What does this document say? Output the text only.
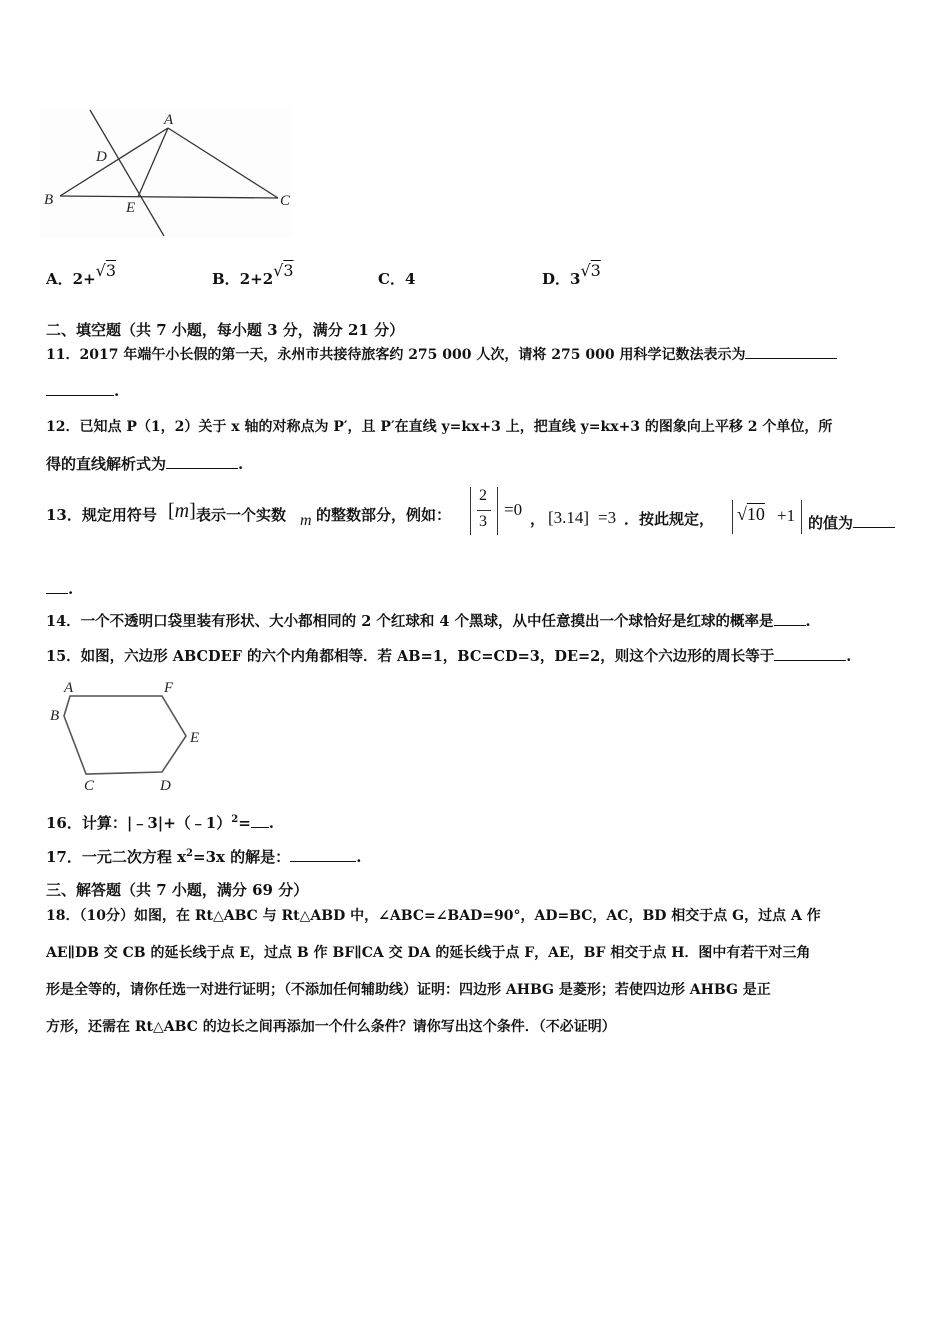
A
B	C
D
E
A．2+√3	B．2+2√3	C．4	D．3√3
二、填空题（共 7 小题，每小题 3 分，满分 21 分）
11．2017 年端午小长假的第一天，永州市共接待旅客约 275 000 人次，请将 275 000 用科学记数法表示为
.
12．已知点 P（1，2）关于 x 轴的对称点为 P′，且 P′在直线 y=kx+3 上，把直线 y=kx+3 的图象向上平移 2 个单位，所
得的直线解析式为	.
13．规定用符号 [m] 表示一个实数 m 的整数部分，例如：
2
3
=0 ， [3.14] =3 ．按此规定， √10 +1 的值为
.
14．一个不透明口袋里装有形状、大小都相同的 2 个红球和 4 个黑球，从中任意摸出一个球恰好是红球的概率是 .
15．如图，六边形 ABCDEF 的六个内角都相等．若 AB=1，BC=CD=3，DE=2，则这个六边形的周长等于	.
A
B
C	D
E
F
16．计算：|﹣3|+（﹣1）$^2$= .
17．一元二次方程 $x^2=3x$ 的解是：	.
三、解答题（共 7 小题，满分 69 分）
18．（10分）如图，在 Rt△ABC 与 Rt△ABD 中，∠ABC=∠BAD=90°，AD=BC，AC，BD 相交于点 G，过点 A 作
AE∥DB 交 CB 的延长线于点 E，过点 B 作 BF∥CA 交 DA 的延长线于点 F，AE，BF 相交于点 H．图中有若干对三角
形是全等的，请你任选一对进行证明；（不添加任何辅助线）证明：四边形 AHBG 是菱形；若使四边形 AHBG 是正
方形，还需在 Rt△ABC 的边长之间再添加一个什么条件？请你写出这个条件．（不必证明）
